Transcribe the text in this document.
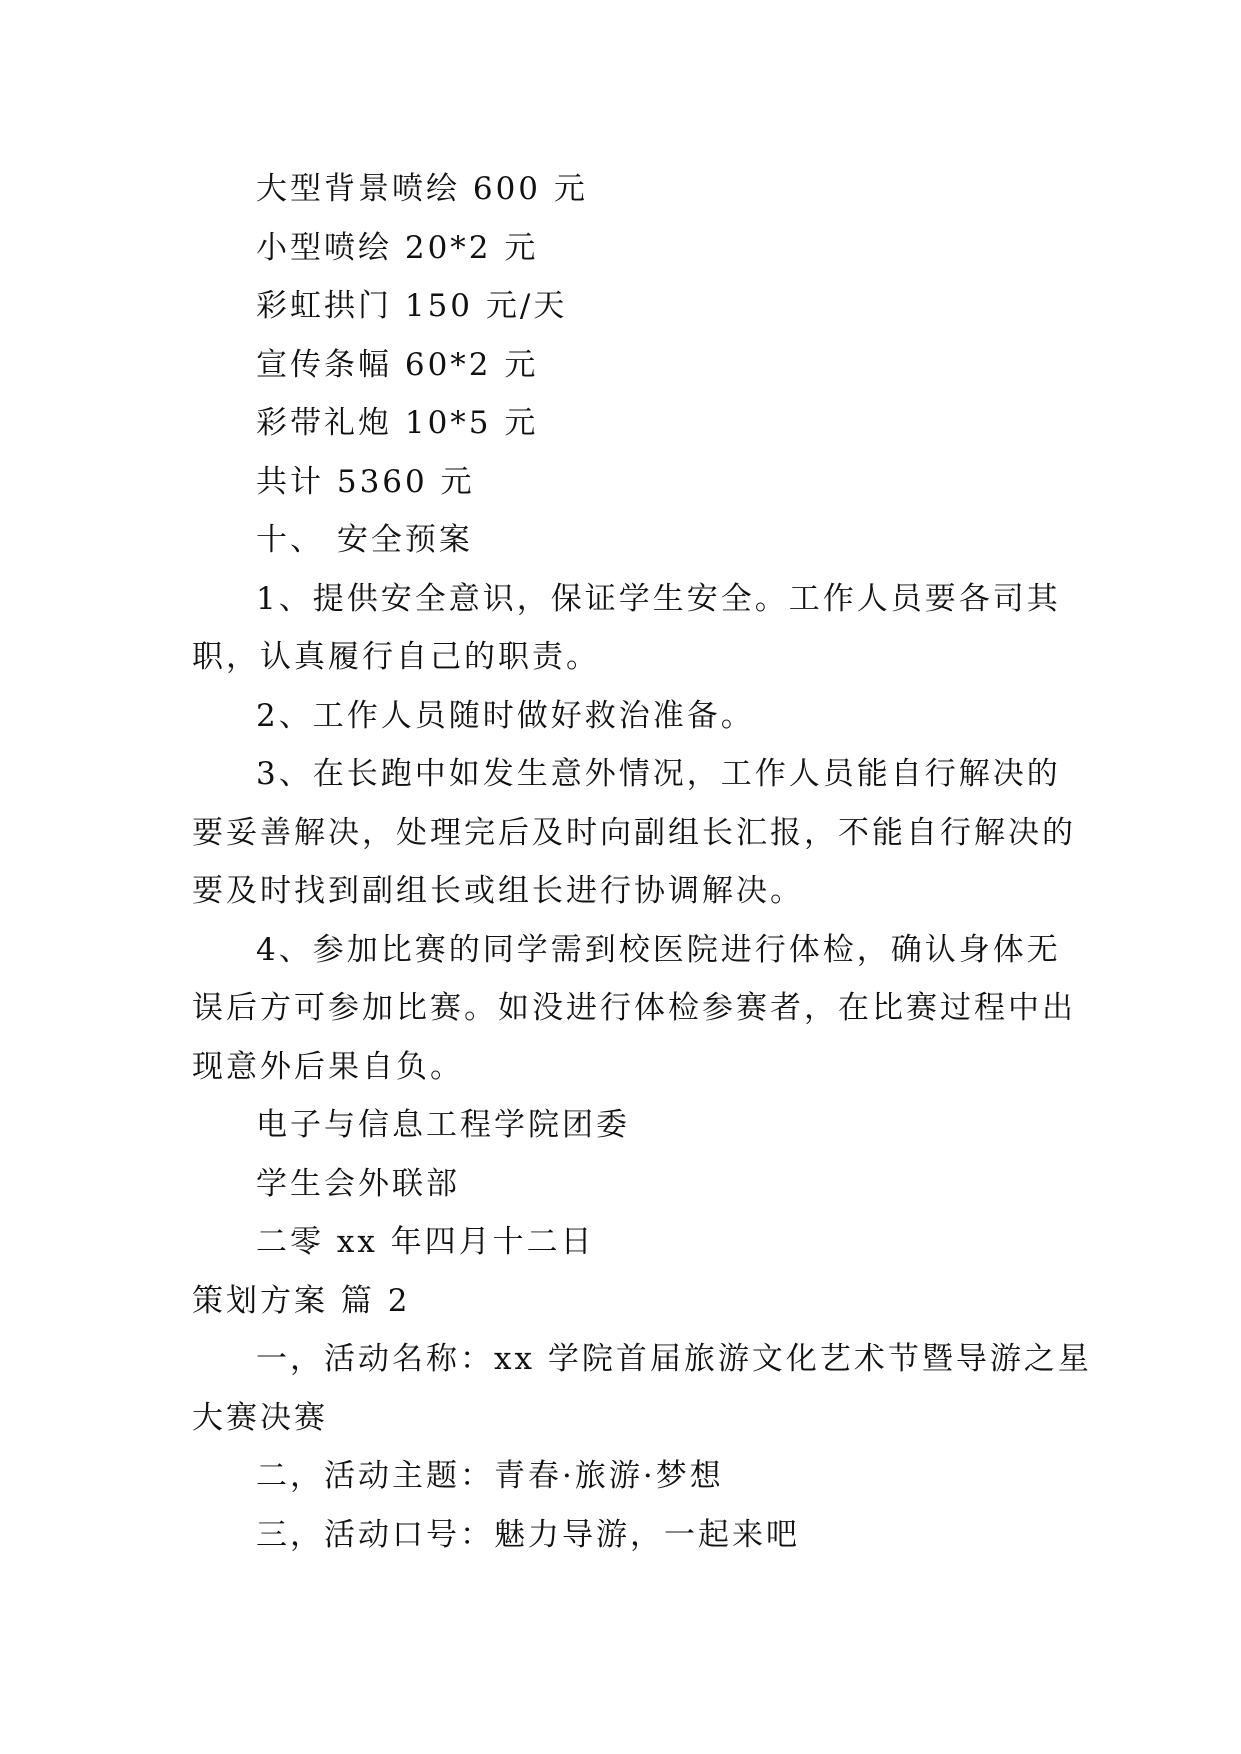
大型背景喷绘 600 元
小型喷绘 20*2 元
彩虹拱门 150 元/天
宣传条幅 60*2 元
彩带礼炮 10*5 元
共计 5360 元
十、 安全预案
1、提供安全意识，保证学生安全。工作人员要各司其
职，认真履行自己的职责。
2、工作人员随时做好救治准备。
3、在长跑中如发生意外情况，工作人员能自行解决的
要妥善解决，处理完后及时向副组长汇报，不能自行解决的
要及时找到副组长或组长进行协调解决。
4、参加比赛的同学需到校医院进行体检，确认身体无
误后方可参加比赛。如没进行体检参赛者，在比赛过程中出
现意外后果自负。
电子与信息工程学院团委
学生会外联部
二零 xx 年四月十二日
策划方案 篇 2
一，活动名称：xx 学院首届旅游文化艺术节暨导游之星
大赛决赛
二，活动主题：青春·旅游·梦想
三，活动口号：魅力导游，一起来吧
